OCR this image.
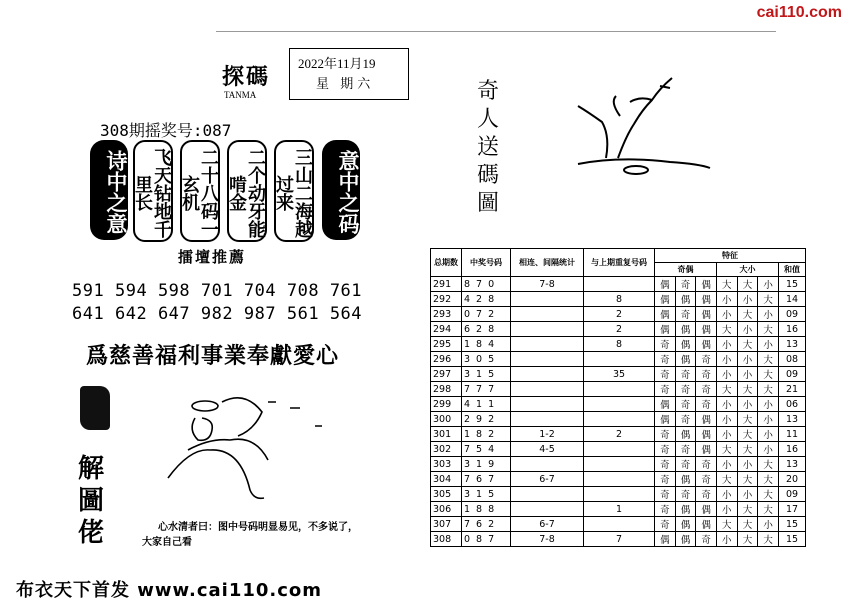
cai110.com
探碼
TANMA
2022年11月19
星 期六
308期摇奖号:087
诗中之意	飞天钻地千里长	二十八码一玄机	二个动牙能啃金	三山二海越过来	意中之码
擂壇推薦
591 594 598 701 704 708 761
641 642 647 982 987 561 564
爲慈善福利事業奉獻愛心
解
圖
佬	心水清者曰：图中号码明显易见，不多说了，
大家自己看
奇
人
送
碼
圖
总期数	中奖号码	相连、间隔统计	与上期重复号码	特征						
				奇偶			大小			和值
291	870	7-8		偶	奇	偶	大	大	小	15
292	428		8	偶	偶	偶	小	小	大	14
293	072		2	偶	奇	偶	小	大	小	09
294	628		2	偶	偶	偶	大	小	大	16
295	184		8	奇	偶	偶	小	大	小	13
296	305			奇	偶	奇	小	小	大	08
297	315		35	奇	奇	奇	小	小	大	09
298	777			奇	奇	奇	大	大	大	21
299	411			偶	奇	奇	小	小	小	06
300	292			偶	奇	偶	小	大	小	13
301	182	1-2	2	奇	偶	偶	小	大	小	11
302	754	4-5		奇	奇	偶	大	大	小	16
303	319			奇	奇	奇	小	小	大	13
304	767	6-7		奇	偶	奇	大	大	大	20
305	315			奇	奇	奇	小	小	大	09
306	188		1	奇	偶	偶	小	大	大	17
307	762	6-7		奇	偶	偶	大	大	小	15
308	087	7-8	7	偶	偶	奇	小	大	大	15
布衣天下首发 www.cai110.com
